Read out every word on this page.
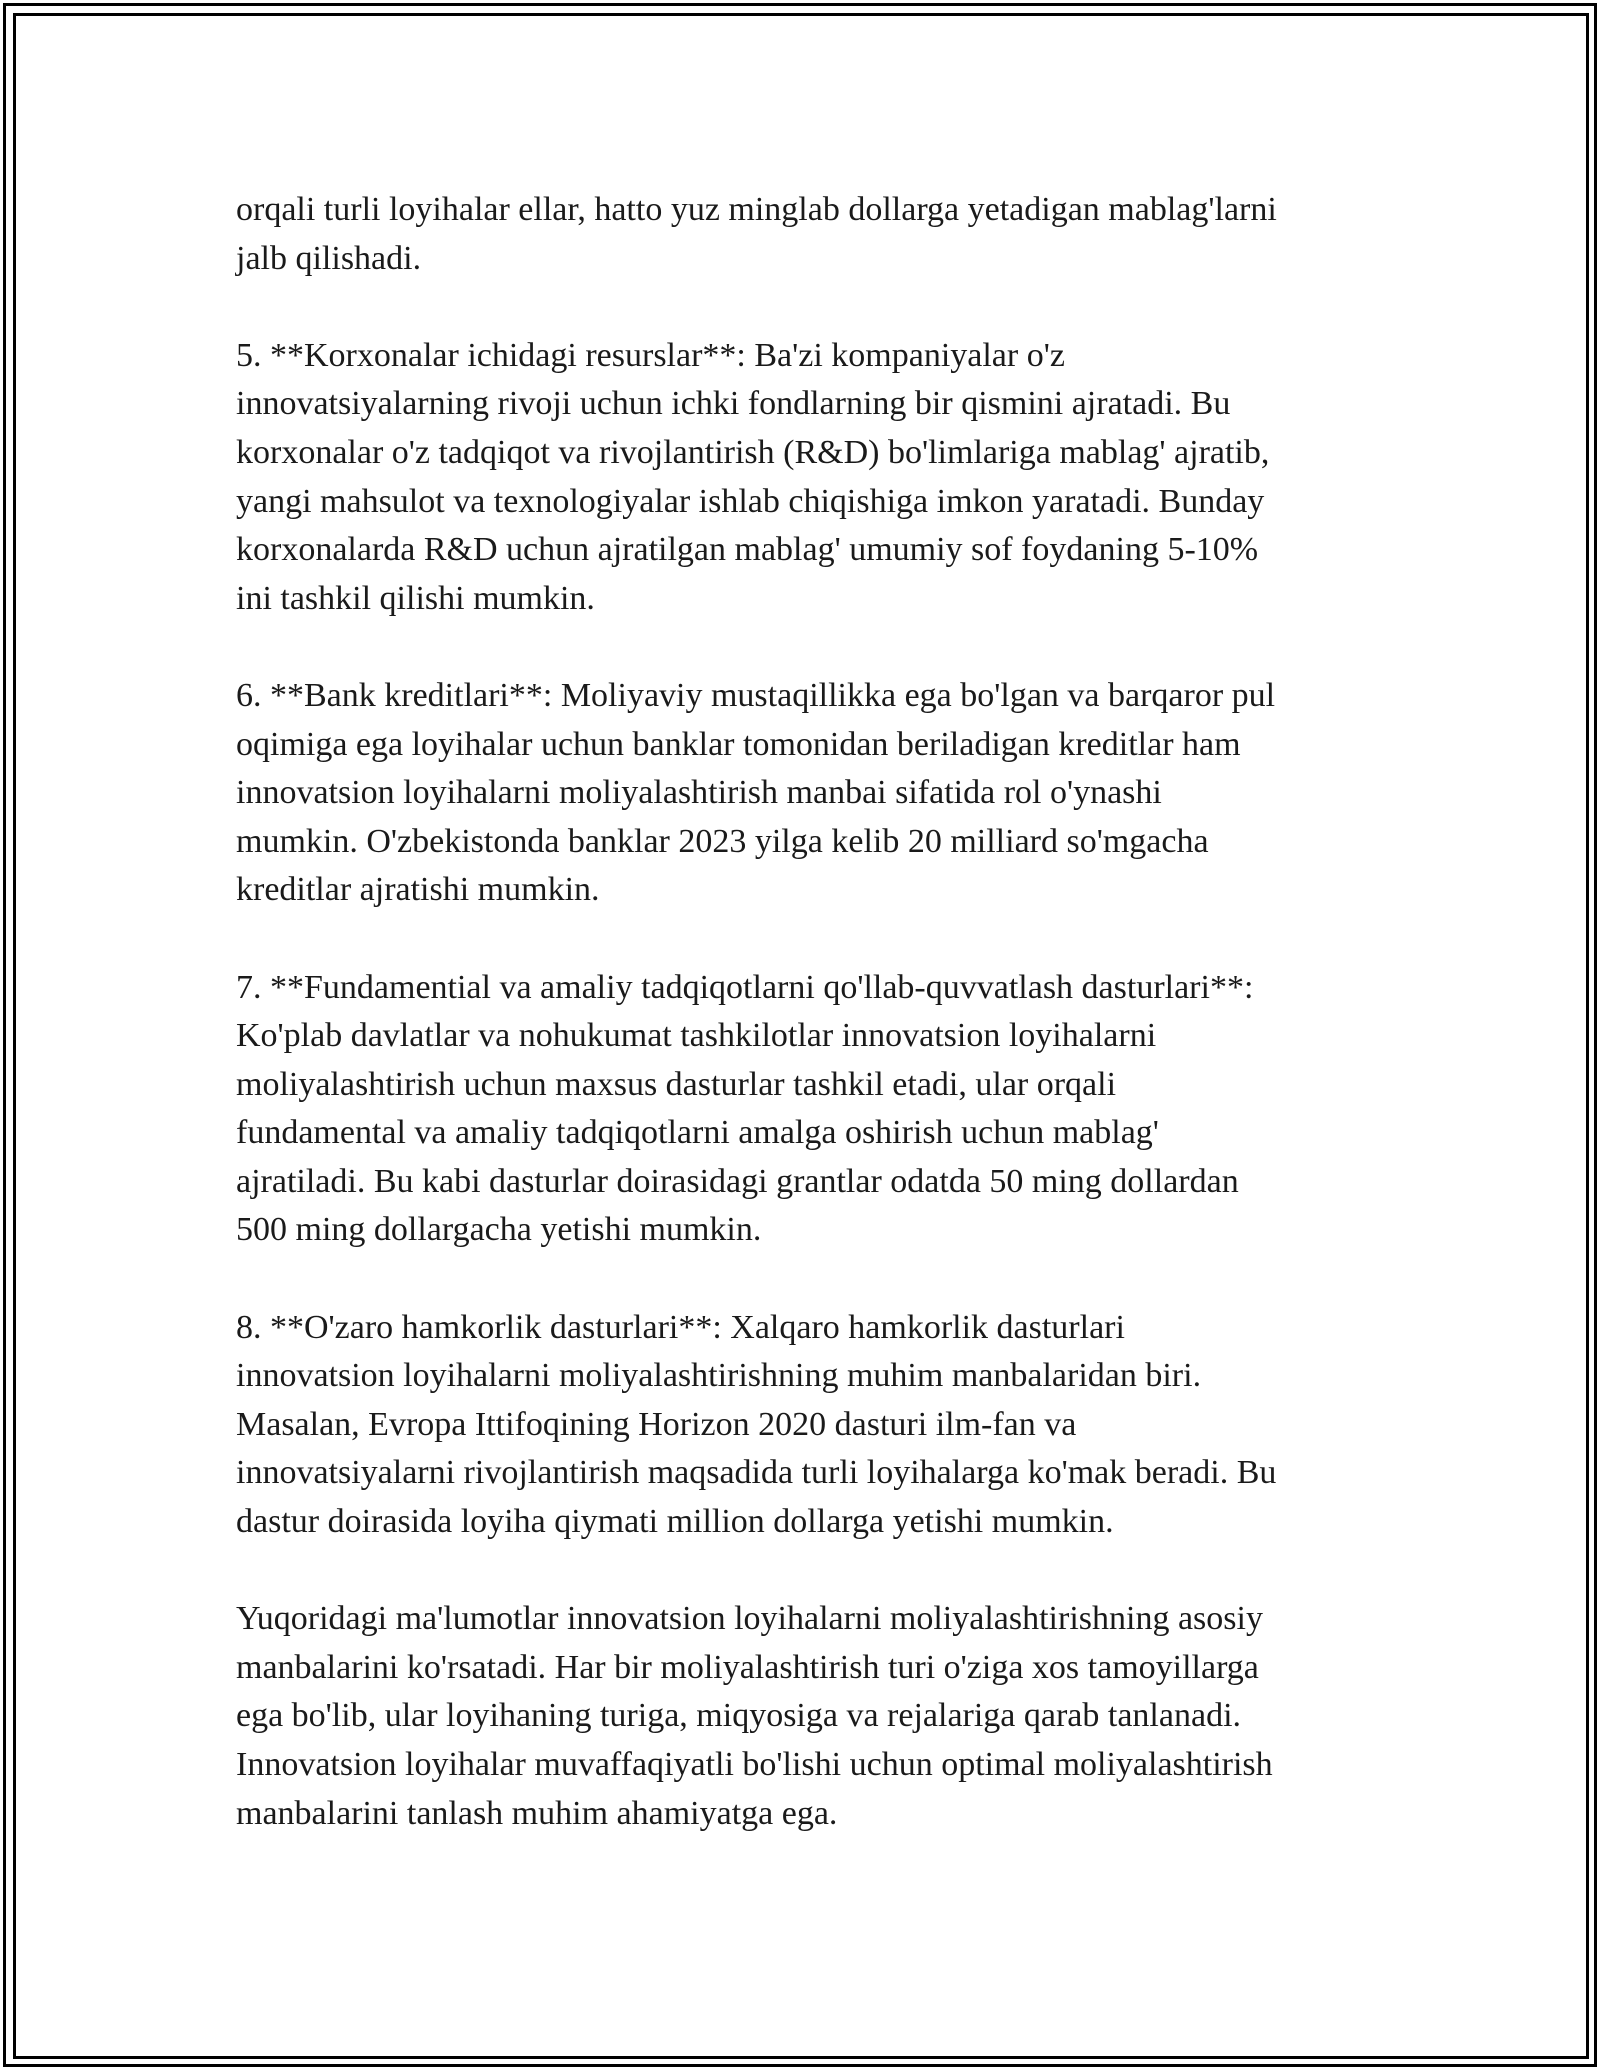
orqali turli loyihalar ellar, hatto yuz minglab dollarga yetadigan mablag'larni
jalb qilishadi.

5. **Korxonalar ichidagi resurslar**: Ba'zi kompaniyalar o'z
innovatsiyalarning rivoji uchun ichki fondlarning bir qismini ajratadi. Bu
korxonalar o'z tadqiqot va rivojlantirish (R&D) bo'limlariga mablag' ajratib,
yangi mahsulot va texnologiyalar ishlab chiqishiga imkon yaratadi. Bunday
korxonalarda R&D uchun ajratilgan mablag' umumiy sof foydaning 5-10%
ini tashkil qilishi mumkin.

6. **Bank kreditlari**: Moliyaviy mustaqillikka ega bo'lgan va barqaror pul
oqimiga ega loyihalar uchun banklar tomonidan beriladigan kreditlar ham
innovatsion loyihalarni moliyalashtirish manbai sifatida rol o'ynashi
mumkin. O'zbekistonda banklar 2023 yilga kelib 20 milliard so'mgacha
kreditlar ajratishi mumkin.

7. **Fundamential va amaliy tadqiqotlarni qo'llab-quvvatlash dasturlari**:
Ko'plab davlatlar va nohukumat tashkilotlar innovatsion loyihalarni
moliyalashtirish uchun maxsus dasturlar tashkil etadi, ular orqali
fundamental va amaliy tadqiqotlarni amalga oshirish uchun mablag'
ajratiladi. Bu kabi dasturlar doirasidagi grantlar odatda 50 ming dollardan
500 ming dollargacha yetishi mumkin.

8. **O'zaro hamkorlik dasturlari**: Xalqaro hamkorlik dasturlari
innovatsion loyihalarni moliyalashtirishning muhim manbalaridan biri.
Masalan, Evropa Ittifoqining Horizon 2020 dasturi ilm-fan va
innovatsiyalarni rivojlantirish maqsadida turli loyihalarga ko'mak beradi. Bu
dastur doirasida loyiha qiymati million dollarga yetishi mumkin.

Yuqoridagi ma'lumotlar innovatsion loyihalarni moliyalashtirishning asosiy
manbalarini ko'rsatadi. Har bir moliyalashtirish turi o'ziga xos tamoyillarga
ega bo'lib, ular loyihaning turiga, miqyosiga va rejalariga qarab tanlanadi.
Innovatsion loyihalar muvaffaqiyatli bo'lishi uchun optimal moliyalashtirish
manbalarini tanlash muhim ahamiyatga ega.
